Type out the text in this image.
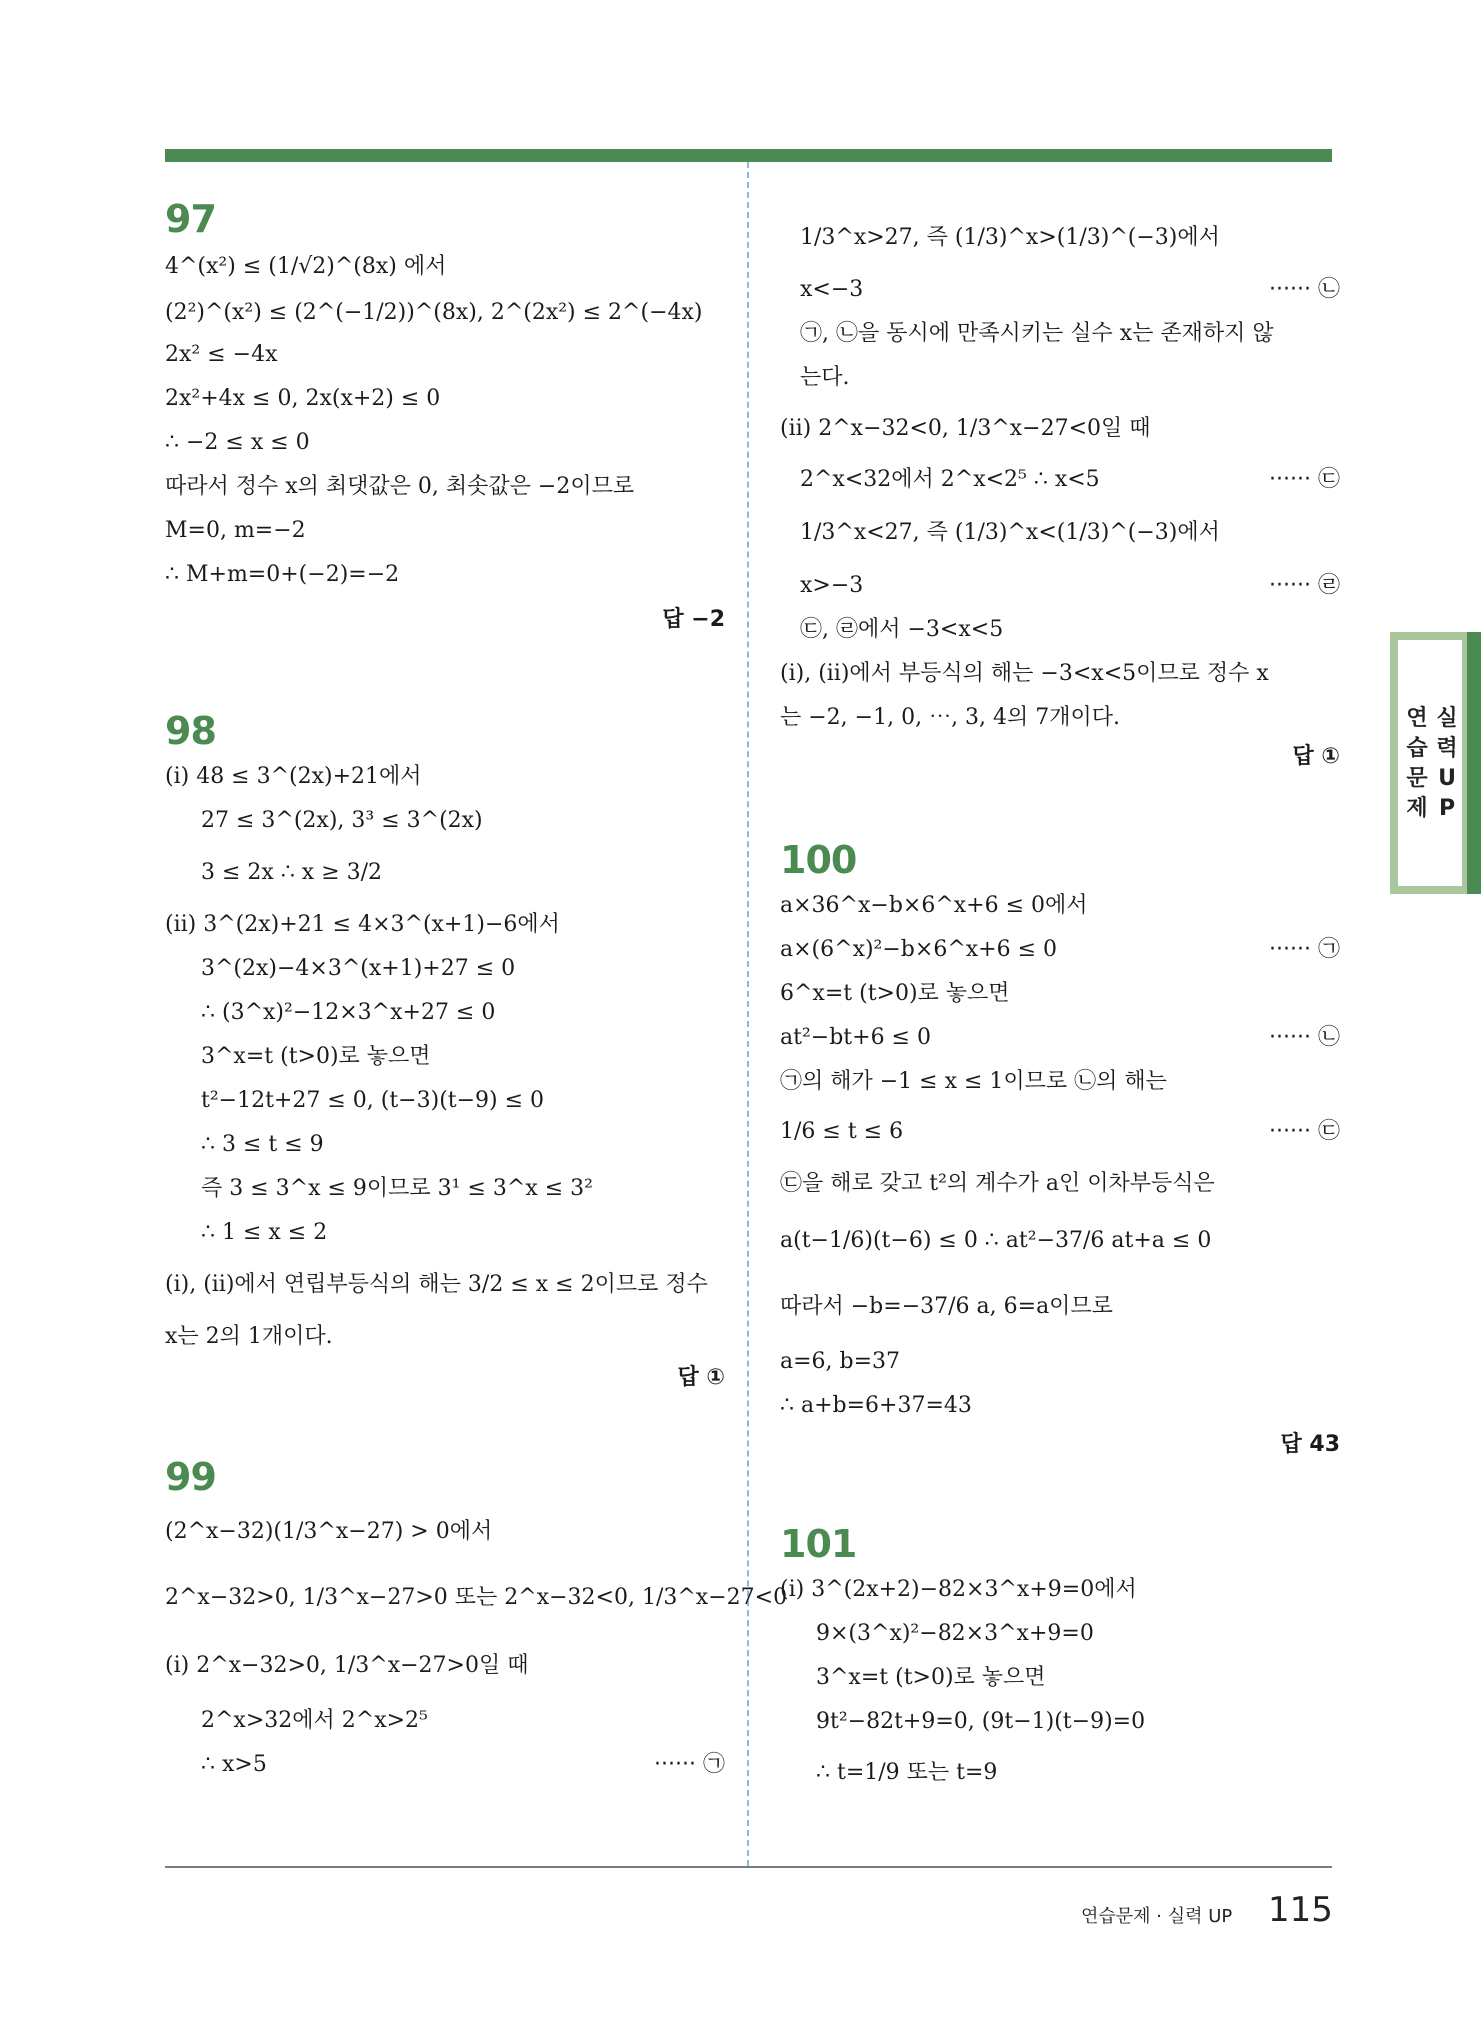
97
4^(x²) ≤ (1/√2)^(8x) 에서
(2²)^(x²) ≤ (2^(−1/2))^(8x), 2^(2x²) ≤ 2^(−4x)
2x² ≤ −4x
2x²+4x ≤ 0, 2x(x+2) ≤ 0
∴ −2 ≤ x ≤ 0
따라서 정수 x의 최댓값은 0, 최솟값은 −2이므로
M=0, m=−2
∴ M+m=0+(−2)=−2
답 −2
98
(ⅰ) 48 ≤ 3^(2x)+21에서
27 ≤ 3^(2x), 3³ ≤ 3^(2x)
3 ≤ 2x ∴ x ≥ 3/2
(ⅱ) 3^(2x)+21 ≤ 4×3^(x+1)−6에서
3^(2x)−4×3^(x+1)+27 ≤ 0
∴ (3^x)²−12×3^x+27 ≤ 0
3^x=t (t>0)로 놓으면
t²−12t+27 ≤ 0, (t−3)(t−9) ≤ 0
∴ 3 ≤ t ≤ 9
즉 3 ≤ 3^x ≤ 9이므로 3¹ ≤ 3^x ≤ 3²
∴ 1 ≤ x ≤ 2
(ⅰ), (ⅱ)에서 연립부등식의 해는 3/2 ≤ x ≤ 2이므로 정수
x는 2의 1개이다.
답 ①
99
(2^x−32)(1/3^x−27) > 0에서
2^x−32>0, 1/3^x−27>0 또는 2^x−32<0, 1/3^x−27<0
(ⅰ) 2^x−32>0, 1/3^x−27>0일 때
2^x>32에서 2^x>2⁵
∴ x>5	······ ㉠
1/3^x>27, 즉 (1/3)^x>(1/3)^(−3)에서
x<−3	······ ㉡
㉠, ㉡을 동시에 만족시키는 실수 x는 존재하지 않
는다.
(ⅱ) 2^x−32<0, 1/3^x−27<0일 때
2^x<32에서 2^x<2⁵ ∴ x<5	······ ㉢
1/3^x<27, 즉 (1/3)^x<(1/3)^(−3)에서
x>−3	······ ㉣
㉢, ㉣에서 −3<x<5
(ⅰ), (ⅱ)에서 부등식의 해는 −3<x<5이므로 정수 x
는 −2, −1, 0, ⋯, 3, 4의 7개이다.
답 ①
100
a×36^x−b×6^x+6 ≤ 0에서
a×(6^x)²−b×6^x+6 ≤ 0	······ ㉠
6^x=t (t>0)로 놓으면
at²−bt+6 ≤ 0	······ ㉡
㉠의 해가 −1 ≤ x ≤ 1이므로 ㉡의 해는
1/6 ≤ t ≤ 6	······ ㉢
㉢을 해로 갖고 t²의 계수가 a인 이차부등식은
a(t−1/6)(t−6) ≤ 0 ∴ at²−37/6 at+a ≤ 0
따라서 −b=−37/6 a, 6=a이므로
a=6, b=37
∴ a+b=6+37=43
답 43
101
(ⅰ) 3^(2x+2)−82×3^x+9=0에서
9×(3^x)²−82×3^x+9=0
3^x=t (t>0)로 놓으면
9t²−82t+9=0, (9t−1)(t−9)=0
∴ t=1/9 또는 t=9
연
습
문
제
실
력
U
P
연습문제 · 실력 UP 115
